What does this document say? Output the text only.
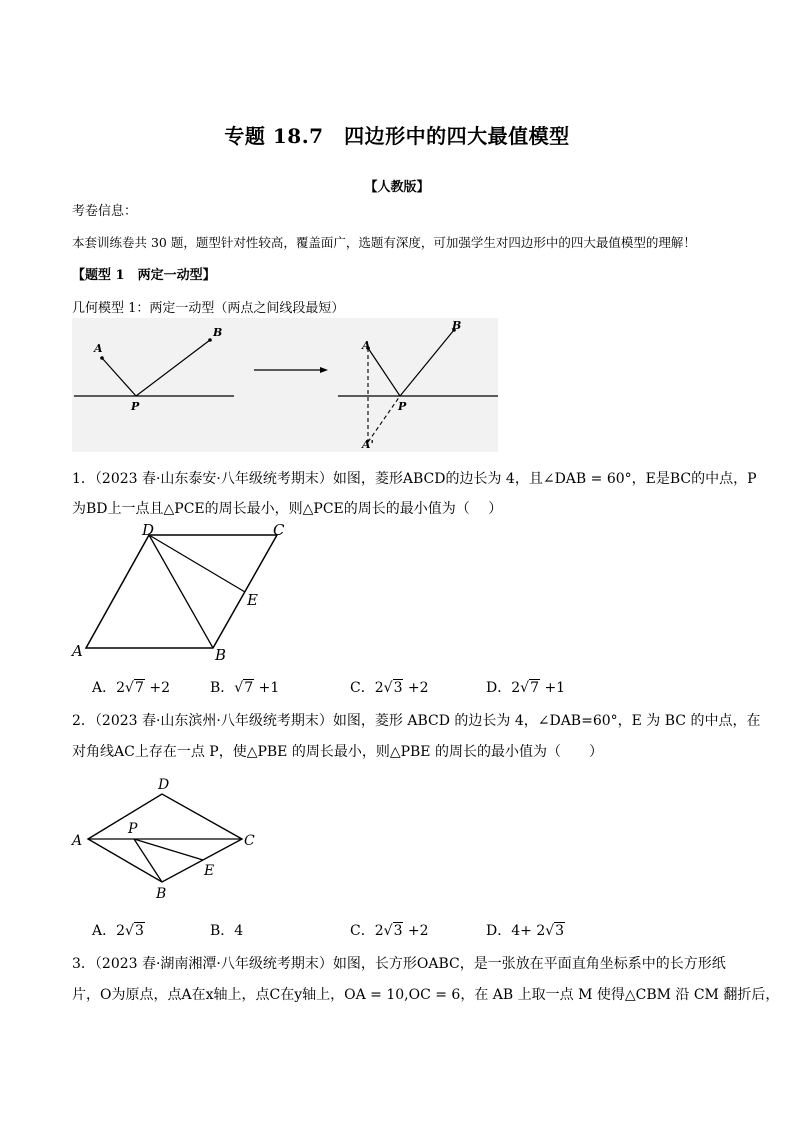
专题 18.7　四边形中的四大最值模型
【人教版】
考卷信息：
本套训练卷共 30 题，题型针对性较高，覆盖面广，选题有深度，可加强学生对四边形中的四大最值模型的理解！
【题型 1　两定一动型】
几何模型 1：两定一动型（两点之间线段最短）
A
B
P
A
B
P
A'
1．（2023 春·山东泰安·八年级统考期末）如图，菱形ABCD的边长为 4，且∠DAB = 60°，E是BC的中点，P
为BD上一点且△PCE的周长最小，则△PCE的周长的最小值为（　 ）
A	B
C
D
E
A．2√7 +2	B．√7 +1	C．2√3 +2	D．2√7 +1
2．（2023 春·山东滨州·八年级统考期末）如图，菱形 ABCD 的边长为 4，∠DAB=60°，E 为 BC 的中点，在
对角线AC上存在一点 P，使△PBE 的周长最小，则△PBE 的周长的最小值为（　　）
A
B
C
D
E
P
A．2√3	B．4	C．2√3 +2	D．4+ 2√3
3．（2023 春·湖南湘潭·八年级统考期末）如图，长方形OABC，是一张放在平面直角坐标系中的长方形纸
片，O为原点，点A在x轴上，点C在y轴上，OA = 10,OC = 6，在 AB 上取一点 M 使得△CBM 沿 CM 翻折后，
